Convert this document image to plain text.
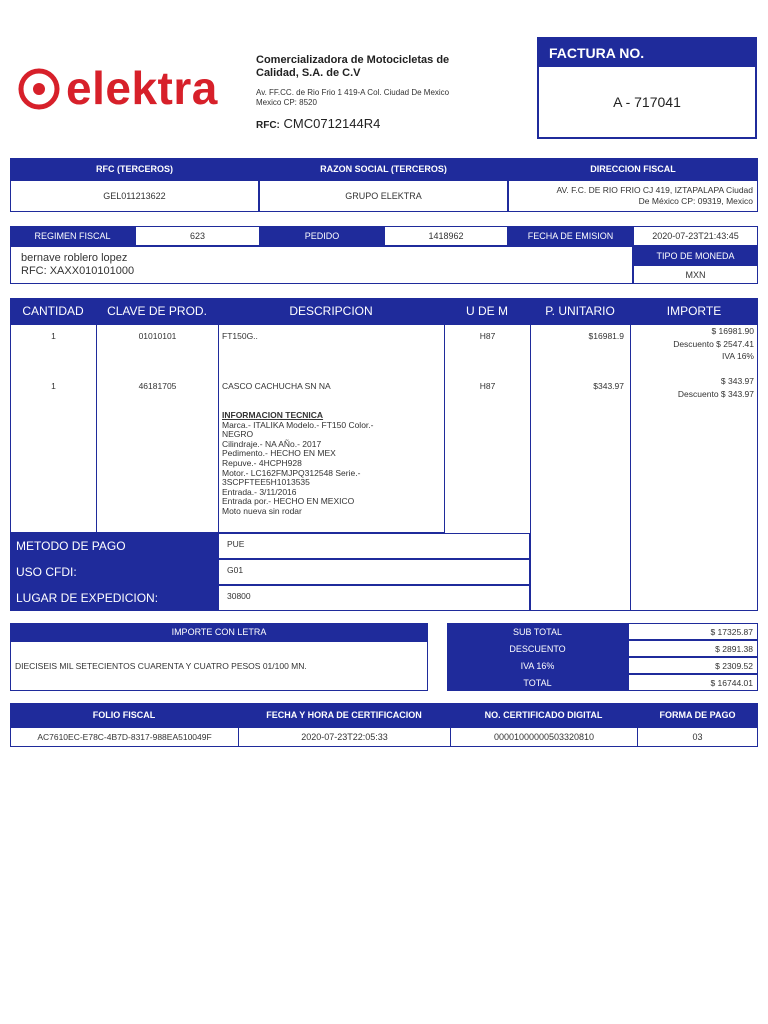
elektra
Comercializadora de Motocicletas de
Calidad, S.A. de C.V
Av. FF.CC. de Rio Frio 1 419-A Col. Ciudad De Mexico
Mexico CP: 8520
RFC: CMC0712144R4
FACTURA NO.
A - 717041
RFC (TERCEROS)	RAZON SOCIAL (TERCEROS)	DIRECCION FISCAL
GEL011213622	GRUPO ELEKTRA
AV. F.C. DE RIO FRIO CJ 419, IZTAPALAPA Ciudad
De México CP: 09319, Mexico
REGIMEN FISCAL	623	PEDIDO	1418962	FECHA DE EMISION	2020-07-23T21:43:45
bernave roblero lopez
RFC: XAXX010101000
TIPO DE MONEDA
MXN
CANTIDAD	CLAVE DE PROD.	DESCRIPCION	U DE M	P. UNITARIO	IMPORTE
1	01010101	FT150G..	H87	$16981.9	$ 16981.90
Descuento $ 2547.41
IVA 16%
1	46181705	CASCO CACHUCHA SN NA	H87	$343.97	$ 343.97
Descuento $ 343.97
INFORMACION TECNICA
Marca.- ITALIKA Modelo.- FT150 Color.-
NEGRO
Cilindraje.- NA AÑo.- 2017
Pedimento.- HECHO EN MEX
Repuve.- 4HCPH928
Motor.- LC162FMJPQ312548 Serie.-
3SCPFTEE5H1013535
Entrada.- 3/11/2016
Entrada por.- HECHO EN MEXICO
Moto nueva sin rodar
METODO DE PAGO	PUE
USO CFDI:	G01
LUGAR DE EXPEDICION:	30800
IMPORTE CON LETRA
DIECISEIS MIL SETECIENTOS CUARENTA Y CUATRO PESOS 01/100 MN.
SUB TOTAL	$ 17325.87
DESCUENTO	$ 2891.38
IVA 16%	$ 2309.52
TOTAL	$ 16744.01
FOLIO FISCAL	FECHA Y HORA DE CERTIFICACION	NO. CERTIFICADO DIGITAL	FORMA DE PAGO
AC7610EC-E78C-4B7D-8317-988EA510049F	2020-07-23T22:05:33	00001000000503320810	03
